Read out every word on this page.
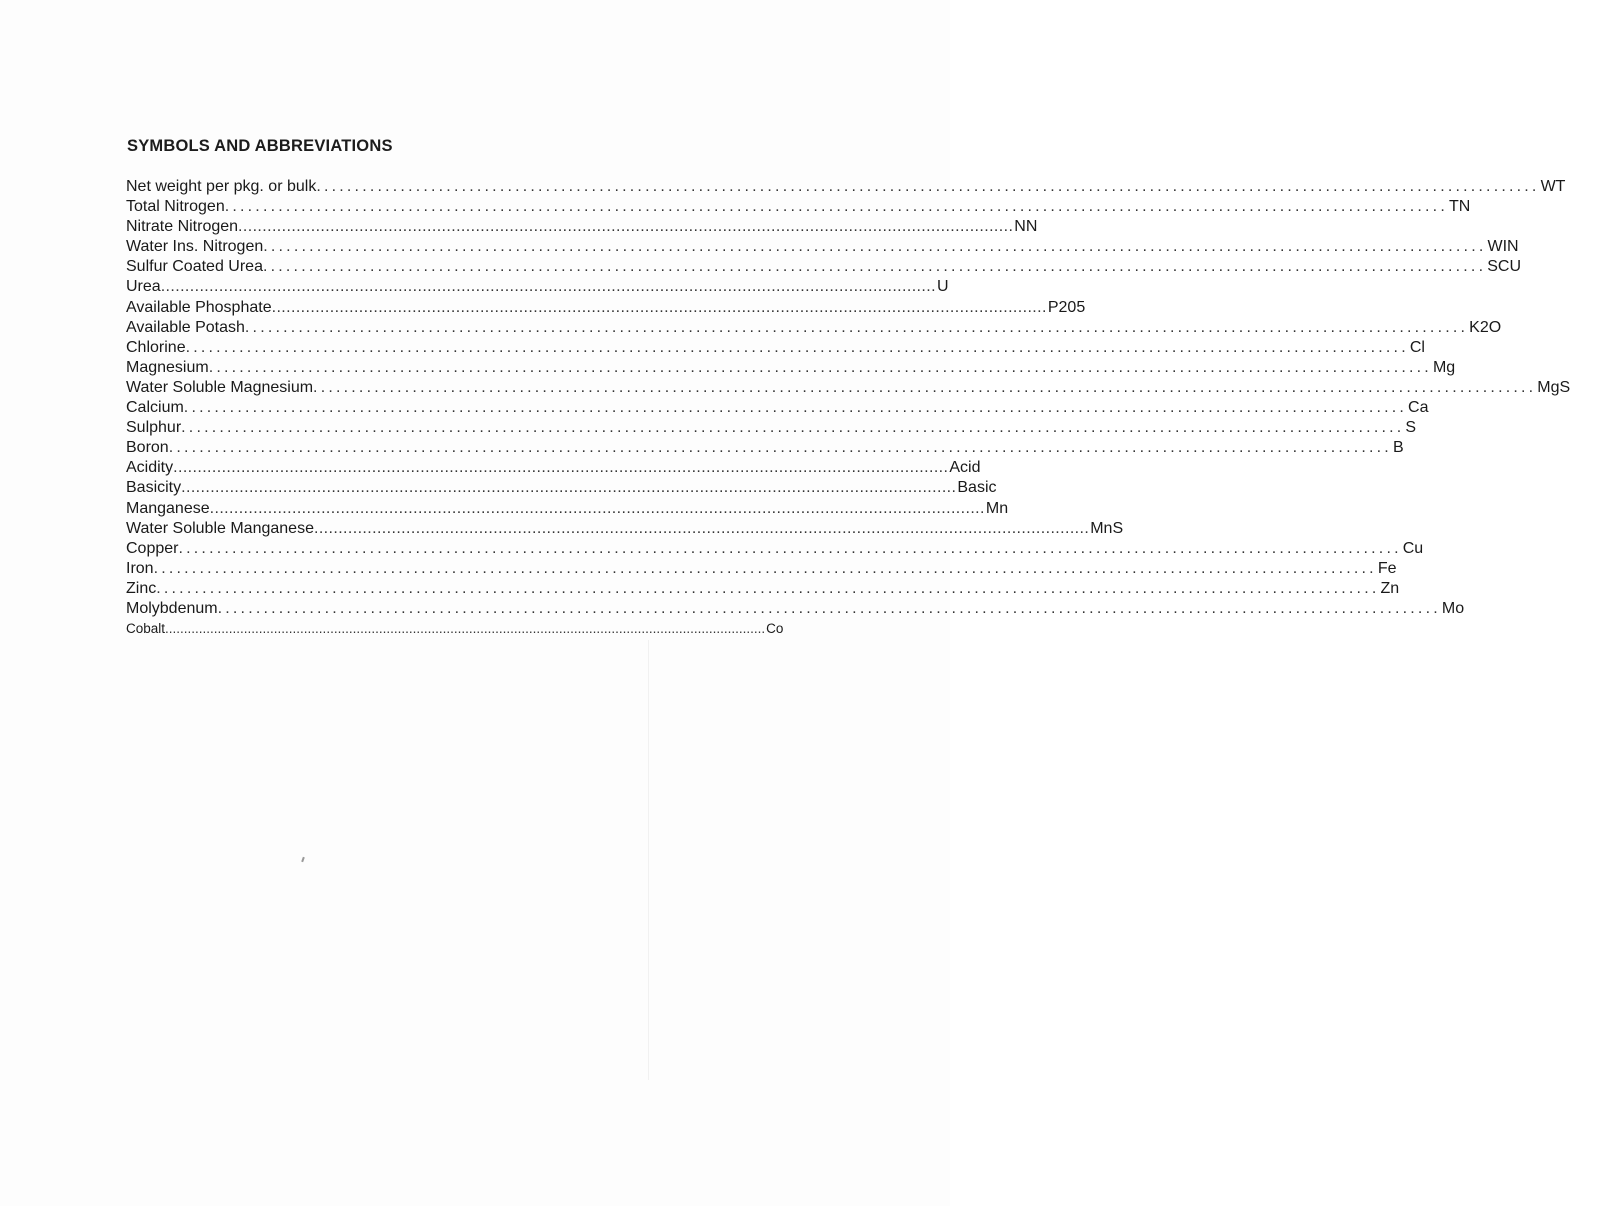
SYMBOLS AND ABBREVIATIONS
Net weight per pkg. or bulk ................................................................................................................................................................ WT
Total Nitrogen ................................................................................................................................................................ TN
Nitrate Nitrogen ................................................................................................................................................................ NN
Water Ins. Nitrogen ................................................................................................................................................................ WIN
Sulfur Coated Urea ................................................................................................................................................................ SCU
Urea ................................................................................................................................................................ U
Available Phosphate ................................................................................................................................................................ P205
Available Potash ................................................................................................................................................................ K2O
Chlorine ................................................................................................................................................................ Cl
Magnesium ................................................................................................................................................................ Mg
Water Soluble Magnesium ................................................................................................................................................................ MgS
Calcium ................................................................................................................................................................ Ca
Sulphur ................................................................................................................................................................ S
Boron ................................................................................................................................................................ B
Acidity ................................................................................................................................................................ Acid
Basicity ................................................................................................................................................................ Basic
Manganese ................................................................................................................................................................ Mn
Water Soluble Manganese ................................................................................................................................................................ MnS
Copper ................................................................................................................................................................ Cu
Iron ................................................................................................................................................................ Fe
Zinc ................................................................................................................................................................ Zn
Molybdenum ................................................................................................................................................................ Mo
Cobalt ................................................................................................................................................................ Co
